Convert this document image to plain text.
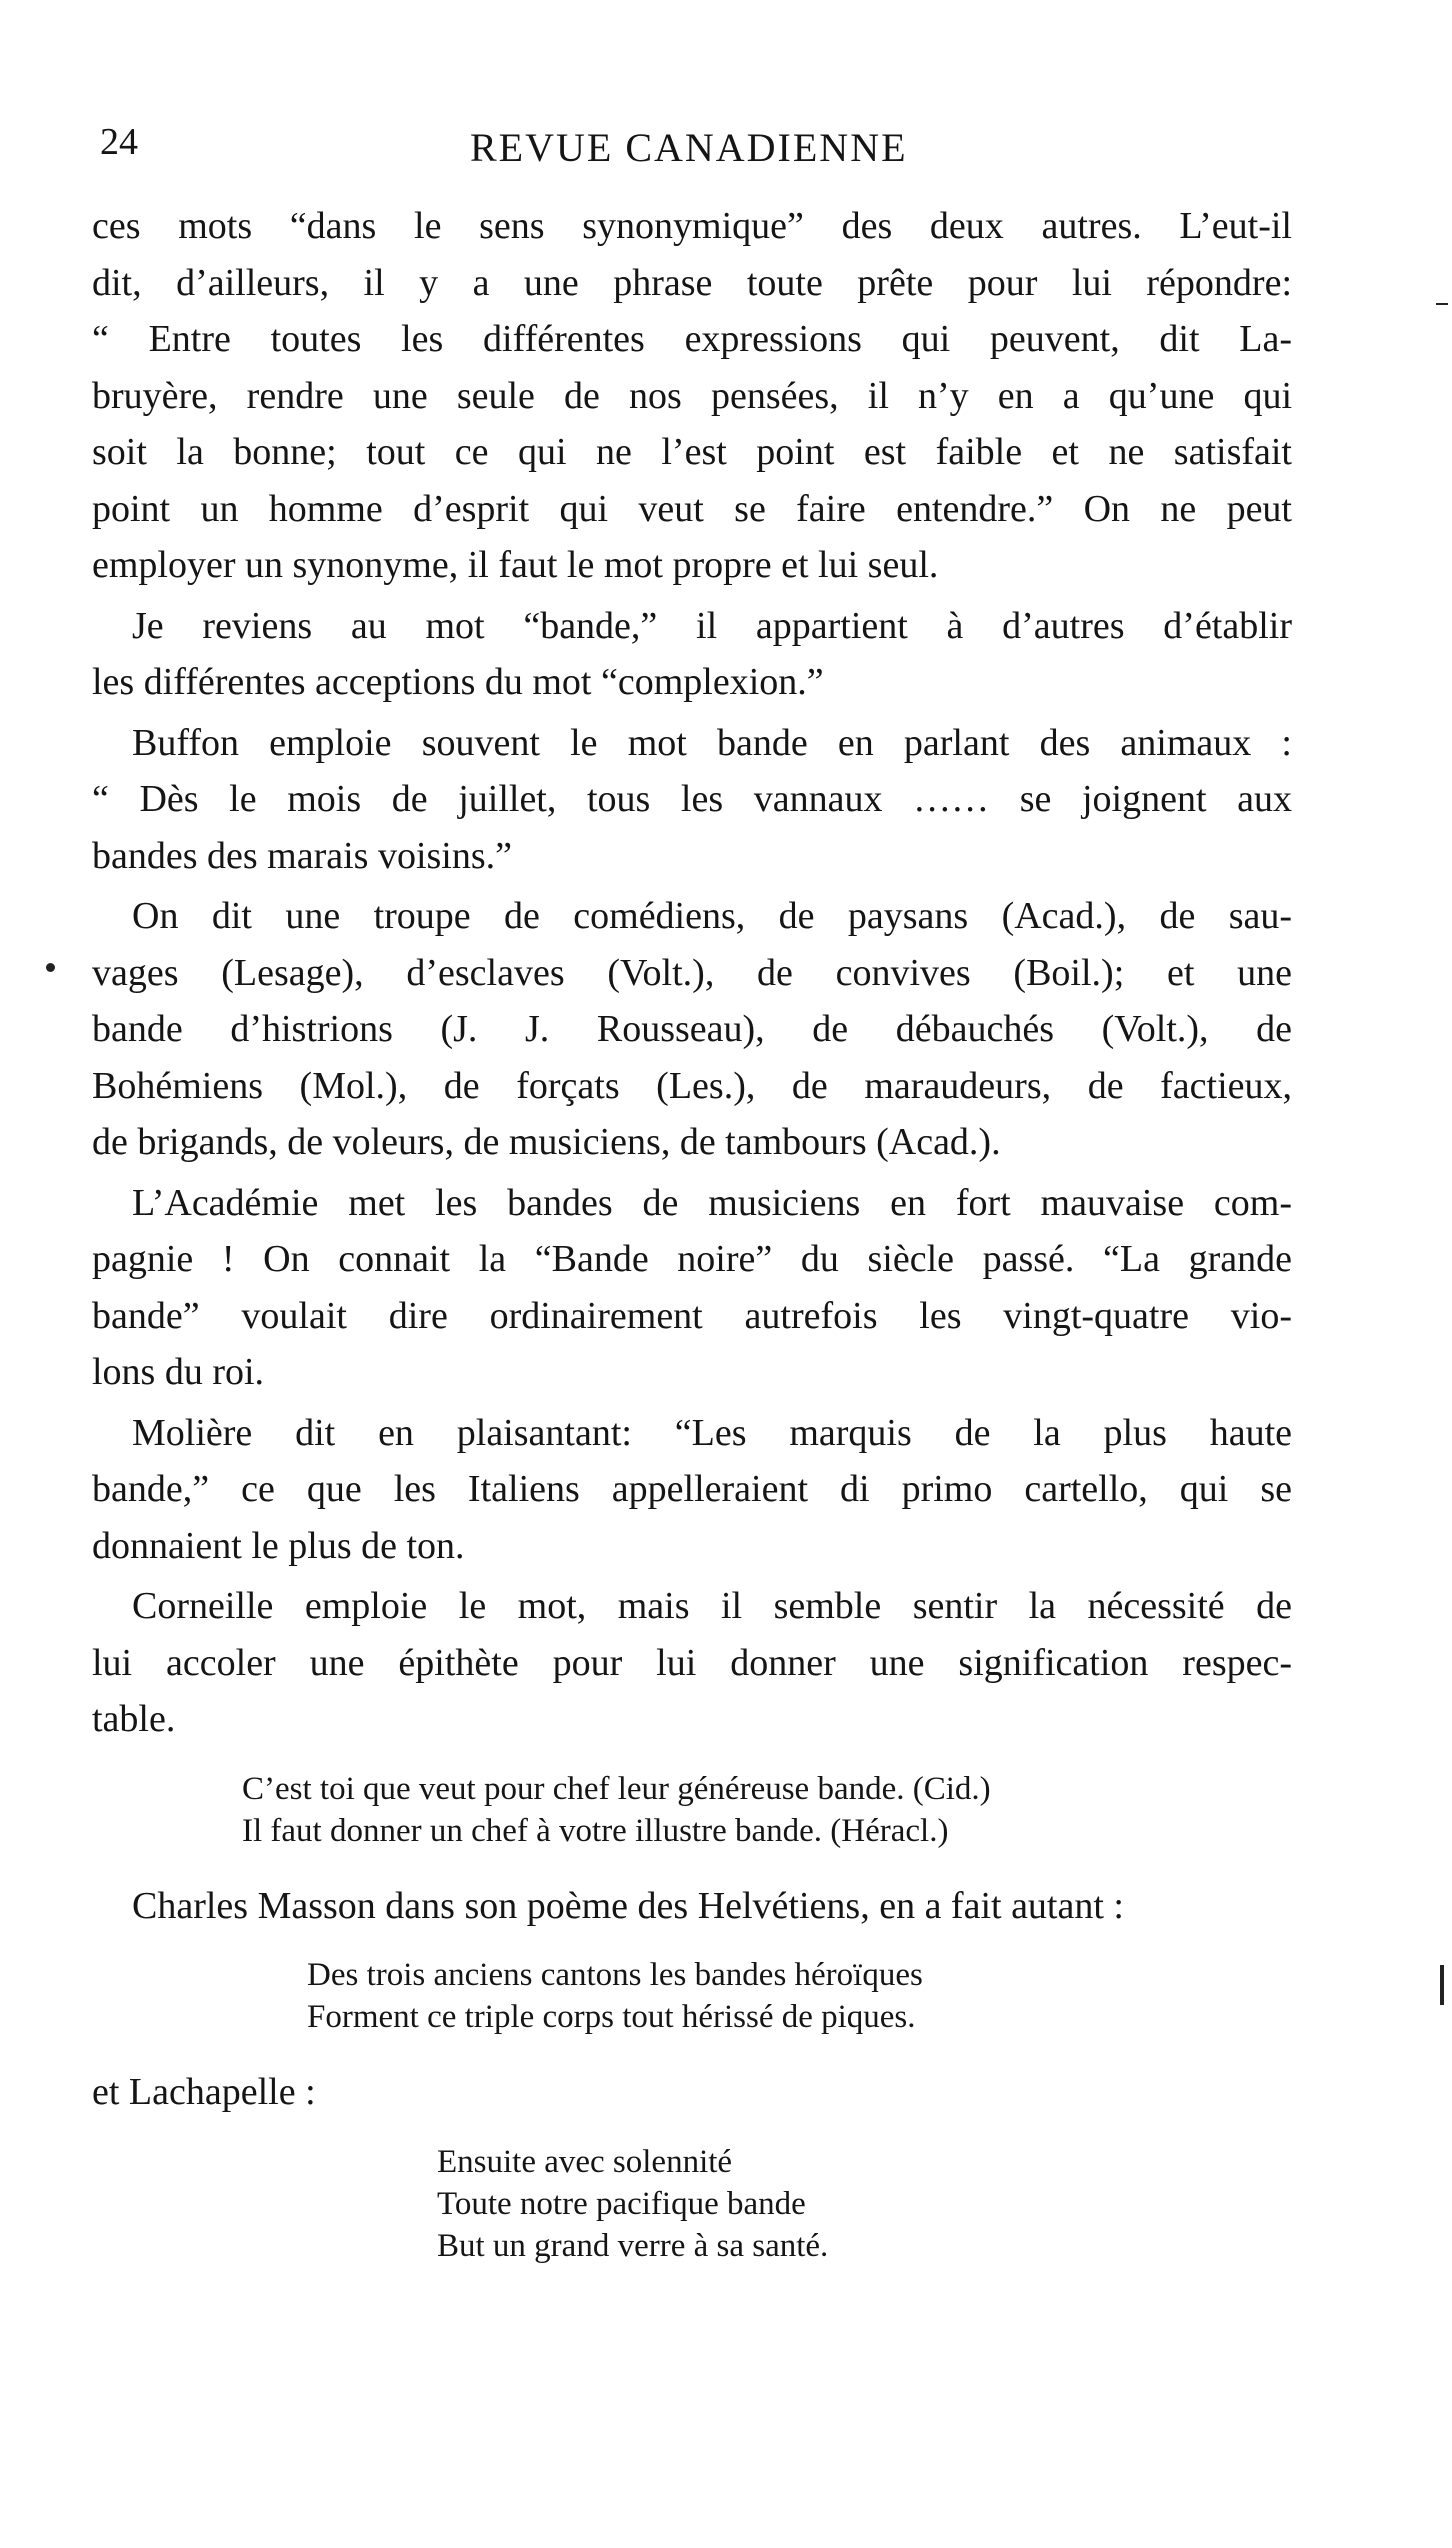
24	REVUE CANADIENNE
ces mots “dans le sens synonymique” des deux autres. L’eut-il
dit, d’ailleurs, il y a une phrase toute prête pour lui répondre:
“ Entre toutes les différentes expressions qui peuvent, dit La-
bruyère, rendre une seule de nos pensées, il n’y en a qu’une qui
soit la bonne; tout ce qui ne l’est point est faible et ne satisfait
point un homme d’esprit qui veut se faire entendre.” On ne peut
employer un synonyme, il faut le mot propre et lui seul.
Je reviens au mot “bande,” il appartient à d’autres d’établir
les différentes acceptions du mot “complexion.”
Buffon emploie souvent le mot bande en parlant des animaux :
“ Dès le mois de juillet, tous les vannaux …… se joignent aux
bandes des marais voisins.”
On dit une troupe de comédiens, de paysans (Acad.), de sau-
vages (Lesage), d’esclaves (Volt.), de convives (Boil.); et une
bande d’histrions (J. J. Rousseau), de débauchés (Volt.), de
Bohémiens (Mol.), de forçats (Les.), de maraudeurs, de factieux,
de brigands, de voleurs, de musiciens, de tambours (Acad.).
L’Académie met les bandes de musiciens en fort mauvaise com-
pagnie ! On connait la “Bande noire” du siècle passé. “La grande
bande” voulait dire ordinairement autrefois les vingt-quatre vio-
lons du roi.
Molière dit en plaisantant: “Les marquis de la plus haute
bande,” ce que les Italiens appelleraient di primo cartello, qui se
donnaient le plus de ton.
Corneille emploie le mot, mais il semble sentir la nécessité de
lui accoler une épithète pour lui donner une signification respec-
table.
C’est toi que veut pour chef leur généreuse bande. (Cid.)
Il faut donner un chef à votre illustre bande. (Héracl.)
Charles Masson dans son poème des Helvétiens, en a fait autant :
Des trois anciens cantons les bandes héroïques
Forment ce triple corps tout hérissé de piques.
et Lachapelle :
Ensuite avec solennité
Toute notre pacifique bande
But un grand verre à sa santé.
